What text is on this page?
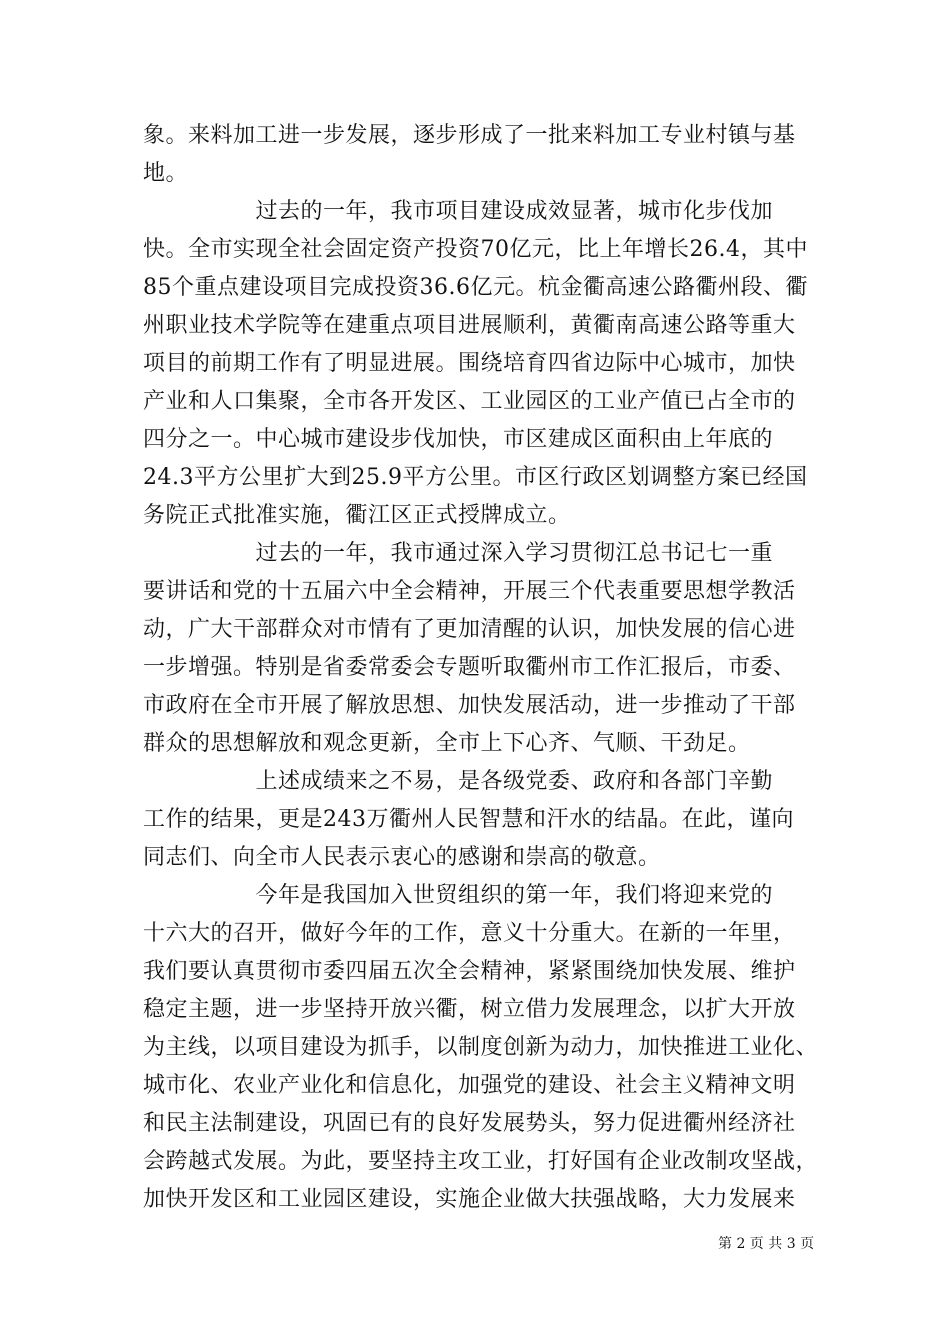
象。来料加工进一步发展，逐步形成了一批来料加工专业村镇与基
地。
　　　　　过去的一年，我市项目建设成效显著，城市化步伐加
快。全市实现全社会固定资产投资70亿元，比上年增长26.4，其中
85个重点建设项目完成投资36.6亿元。杭金衢高速公路衢州段、衢
州职业技术学院等在建重点项目进展顺利，黄衢南高速公路等重大
项目的前期工作有了明显进展。围绕培育四省边际中心城市，加快
产业和人口集聚，全市各开发区、工业园区的工业产值已占全市的
四分之一。中心城市建设步伐加快，市区建成区面积由上年底的
24.3平方公里扩大到25.9平方公里。市区行政区划调整方案已经国
务院正式批准实施，衢江区正式授牌成立。
　　　　　过去的一年，我市通过深入学习贯彻江总书记七一重
要讲话和党的十五届六中全会精神，开展三个代表重要思想学教活
动，广大干部群众对市情有了更加清醒的认识，加快发展的信心进
一步增强。特别是省委常委会专题听取衢州市工作汇报后，市委、
市政府在全市开展了解放思想、加快发展活动，进一步推动了干部
群众的思想解放和观念更新，全市上下心齐、气顺、干劲足。
　　　　　上述成绩来之不易，是各级党委、政府和各部门辛勤
工作的结果，更是243万衢州人民智慧和汗水的结晶。在此，谨向
同志们、向全市人民表示衷心的感谢和崇高的敬意。
　　　　　今年是我国加入世贸组织的第一年，我们将迎来党的
十六大的召开，做好今年的工作，意义十分重大。在新的一年里，
我们要认真贯彻市委四届五次全会精神，紧紧围绕加快发展、维护
稳定主题，进一步坚持开放兴衢，树立借力发展理念，以扩大开放
为主线，以项目建设为抓手，以制度创新为动力，加快推进工业化、
城市化、农业产业化和信息化，加强党的建设、社会主义精神文明
和民主法制建设，巩固已有的良好发展势头，努力促进衢州经济社
会跨越式发展。为此，要坚持主攻工业，打好国有企业改制攻坚战，
加快开发区和工业园区建设，实施企业做大扶强战略，大力发展来
第 2 页 共 3 页
